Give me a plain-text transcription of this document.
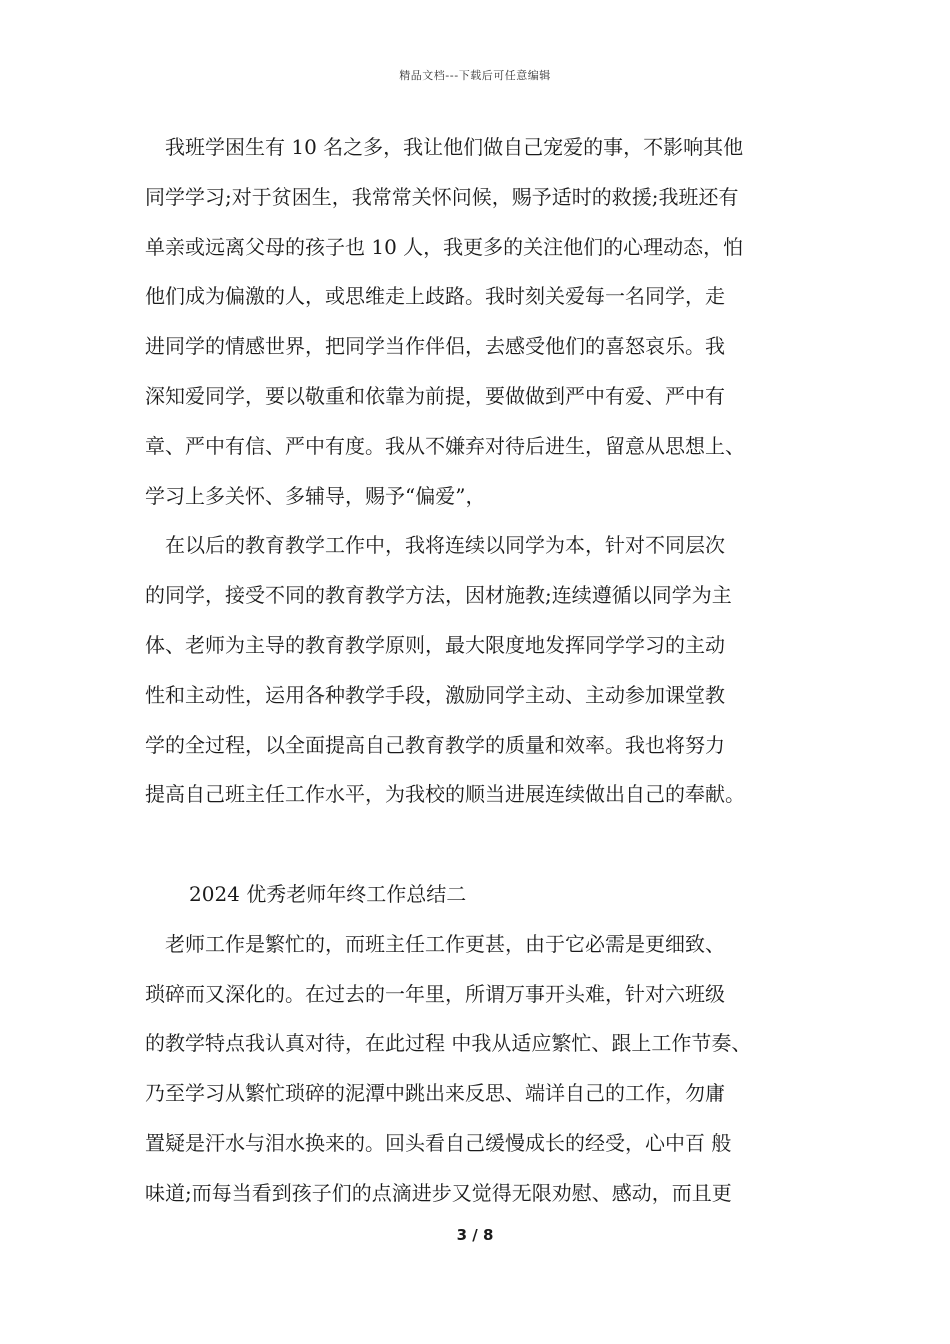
精品文档---下载后可任意编辑
我班学困生有 10 名之多，我让他们做自己宠爱的事，不影响其他
同学学习;对于贫困生，我常常关怀问候，赐予适时的救援;我班还有
单亲或远离父母的孩子也 10 人，我更多的关注他们的心理动态，怕
他们成为偏激的人，或思维走上歧路。我时刻关爱每一名同学，走
进同学的情感世界，把同学当作伴侣，去感受他们的喜怒哀乐。我
深知爱同学，要以敬重和依靠为前提，要做做到严中有爱、严中有
章、严中有信、严中有度。我从不嫌弃对待后进生，留意从思想上、
学习上多关怀、多辅导，赐予“偏爱”，
在以后的教育教学工作中，我将连续以同学为本，针对不同层次
的同学，接受不同的教育教学方法，因材施教;连续遵循以同学为主
体、老师为主导的教育教学原则，最大限度地发挥同学学习的主动
性和主动性，运用各种教学手段，激励同学主动、主动参加课堂教
学的全过程，以全面提高自己教育教学的质量和效率。我也将努力
提高自己班主任工作水平，为我校的顺当进展连续做出自己的奉献。
2024 优秀老师年终工作总结二
老师工作是繁忙的，而班主任工作更甚，由于它必需是更细致、
琐碎而又深化的。在过去的一年里，所谓万事开头难，针对六班级
的教学特点我认真对待，在此过程 中我从适应繁忙、跟上工作节奏、
乃至学习从繁忙琐碎的泥潭中跳出来反思、端详自己的工作，勿庸
置疑是汗水与泪水换来的。回头看自己缓慢成长的经受，心中百 般
味道;而每当看到孩子们的点滴进步又觉得无限劝慰、感动，而且更
3 / 8
